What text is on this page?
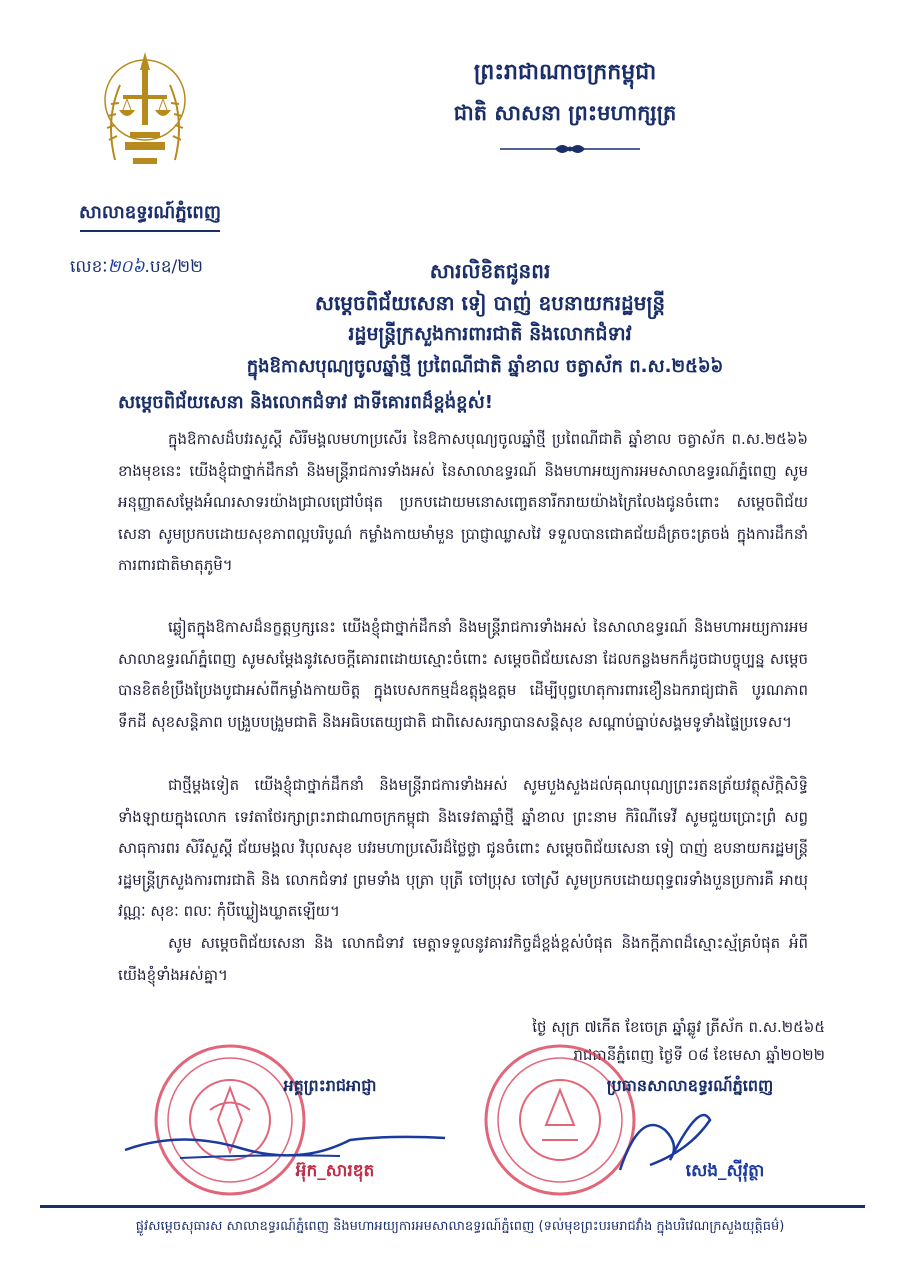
សាលាឧទ្ធរណ៍ភ្នំពេញ
ព្រះរាជាណាចក្រកម្ពុជា
ជាតិ សាសនា ព្រះមហាក្សត្រ
លេខៈ២០៦.បឧ/២២	សារលិខិតជូនពរ
សម្តេចពិជ័យសេនា ទៀ បាញ់ ឧបនាយករដ្ឋមន្ត្រី
រដ្ឋមន្ត្រីក្រសួងការពារជាតិ និងលោកជំទាវ
ក្នុងឱកាសបុណ្យចូលឆ្នាំថ្មី ប្រពៃណីជាតិ ឆ្នាំខាល ចត្វាស័ក ព.ស.២៥៦៦
សម្តេចពិជ័យសេនា និងលោកជំទាវ ជាទីគោរពដ៏ខ្ពង់ខ្ពស់!

ក្នុងឱកាសដ៏បវរសួស្តី សិរីមង្គលមហាប្រសើរ នៃឱកាសបុណ្យចូលឆ្នាំថ្មី ប្រពៃណីជាតិ ឆ្នាំខាល ចត្វាស័ក ព.ស.២៥៦៦ ខាងមុខនេះ យើងខ្ញុំជាថ្នាក់ដឹកនាំ និងមន្ត្រីរាជការទាំងអស់ នៃសាលាឧទ្ធរណ៍ និងមហាអយ្យការអមសាលាឧទ្ធរណ៍ភ្នំពេញ សូមអនុញ្ញាតសម្តែងអំណរសាទរយ៉ាងជ្រាលជ្រៅបំផុត ប្រកបដោយមនោសញ្ចេតនារីករាយយ៉ាងក្រៃលែងជូនចំពោះ សម្តេចពិជ័យសេនា សូមប្រកបដោយសុខភាពល្អបរិបូណ៌ កម្លាំងកាយមាំមួន ប្រាជ្ញាឈ្លាសវៃ ទទួលបានជោគជ័យដ៏ត្រចះត្រចង់ ក្នុងការដឹកនាំការពារជាតិមាតុភូមិ។

ឆ្លៀតក្នុងឱកាសដ៏នក្ខត្តឫក្សនេះ យើងខ្ញុំជាថ្នាក់ដឹកនាំ និងមន្ត្រីរាជការទាំងអស់ នៃសាលាឧទ្ធរណ៍ និងមហាអយ្យការអមសាលាឧទ្ធរណ៍ភ្នំពេញ សូមសម្តែងនូវសេចក្តីគោរពដោយស្មោះចំពោះ សម្តេចពិជ័យសេនា ដែលកន្លងមកក៏ដូចជាបច្ចុប្បន្ន សម្តេច បានខិតខំប្រឹងប្រែងបូជាអស់ពីកម្លាំងកាយចិត្ត ក្នុងបេសកកម្មដ៏ឧត្តុង្គឧត្តម ដើម្បីបុព្វហេតុការពារខឿនឯករាជ្យជាតិ បូរណភាពទឹកដី សុខសន្តិភាព បង្រួបបង្រួមជាតិ និងអធិបតេយ្យជាតិ ជាពិសេសរក្សាបានសន្តិសុខ សណ្តាប់ធ្នាប់សង្គមទូទាំងផ្ទៃប្រទេស។

ជាថ្មីម្តងទៀត យើងខ្ញុំជាថ្នាក់ដឹកនាំ និងមន្ត្រីរាជការទាំងអស់ សូមបួងសួងដល់គុណបុណ្យព្រះរតនត្រ័យវត្ថុស័ក្តិសិទ្ធិទាំងឡាយក្នុងលោក ទេវតាថែរក្សាព្រះរាជាណាចក្រកម្ពុជា និងទេវតាឆ្នាំថ្មី ឆ្នាំខាល ព្រះនាម កិរិណីទេវី សូមជួយប្រោះព្រំ សព្វសាធុការពរ សិរីសួស្តី ជ័យមង្គល វិបុលសុខ បវរមហាប្រសើរដ៏ថ្លៃថ្លា ជូនចំពោះ សម្តេចពិជ័យសេនា ទៀ បាញ់ ឧបនាយករដ្ឋមន្ត្រី រដ្ឋមន្ត្រីក្រសួងការពារជាតិ និង លោកជំទាវ ព្រមទាំង បុត្រា បុត្រី ចៅប្រុស ចៅស្រី សូមប្រកបដោយពុទ្ធពរទាំងបួនប្រការគឺ អាយុ វណ្ណៈ សុខៈ ពលៈ កុំបីឃ្លៀងឃ្លាតឡើយ។

សូម សម្តេចពិជ័យសេនា និង លោកជំទាវ មេត្តាទទួលនូវគារវកិច្ចដ៏ខ្ពង់ខ្ពស់បំផុត និងកក្តីភាពដ៏ស្មោះស្ម័គ្របំផុត អំពីយើងខ្ញុំទាំងអស់គ្នា។

ថ្ងៃ សុក្រ ៧កើត ខែចេត្រ ឆ្នាំឆ្លូវ ត្រីស័ក ព.ស.២៥៦៥
រាជធានីភ្នំពេញ ថ្ងៃទី ០៨ ខែមេសា ឆ្នាំ២០២២
អគ្គព្រះរាជអាជ្ញា	ប្រធានសាលាឧទ្ធរណ៍ភ្នំពេញ
អ៊ុក_សារឌុត	សេង_ស៊ីវុត្ថា
ផ្លូវសម្តេចសុធារស សាលាឧទ្ធរណ៍ភ្នំពេញ និងមហាអយ្យការអមសាលាឧទ្ធរណ៍ភ្នំពេញ (ទល់មុខព្រះបរមរាជវាំង ក្នុងបរិវេណក្រសួងយុត្តិធម៌)
